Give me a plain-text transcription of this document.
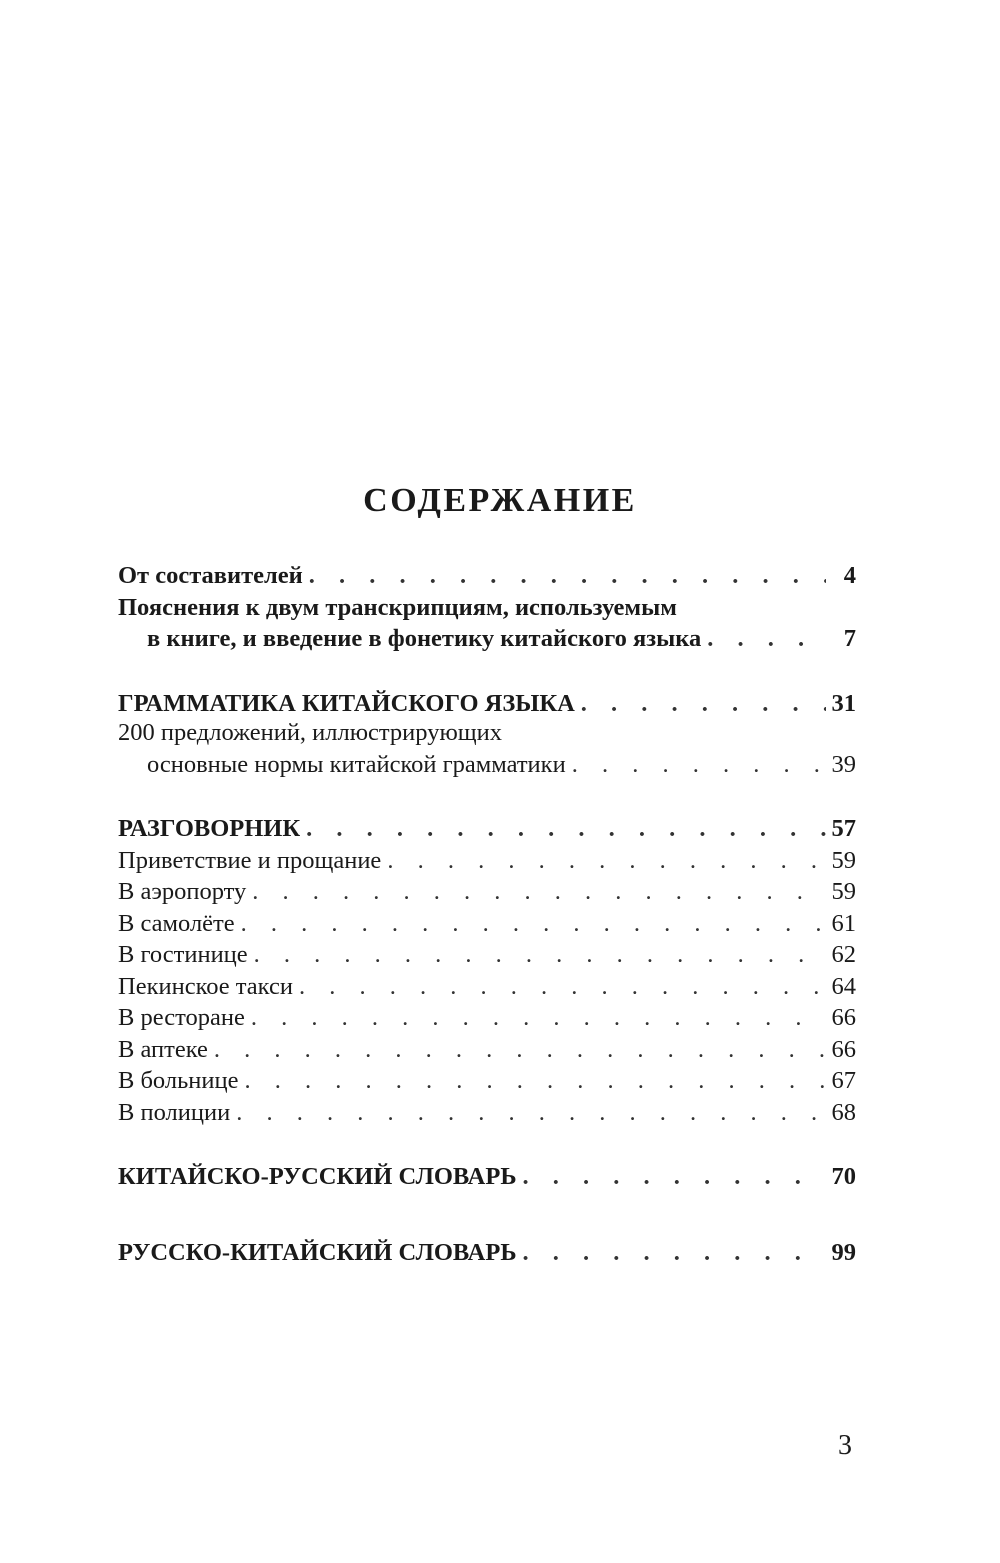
СОДЕРЖАНИЕ
От составителей . . .	4
Пояснения к двум транскрипциям, используемым
в книге, и введение в фонетику китайского языка . . .	7
ГРАММАТИКА КИТАЙСКОГО ЯЗЫКА . . .	31
200 предложений, иллюстрирующих
основные нормы китайской грамматики . . .	39
РАЗГОВОРНИК . . .	57
Приветствие и прощание . . .	59
В аэропорту . . .	59
В самолёте . . .	61
В гостинице . . .	62
Пекинское такси . . .	64
В ресторане . . .	66
В аптеке . . .	66
В больнице . . .	67
В полиции . . .	68
КИТАЙСКО-РУССКИЙ СЛОВАРЬ . . .	70
РУССКО-КИТАЙСКИЙ СЛОВАРЬ . . .	99
3
